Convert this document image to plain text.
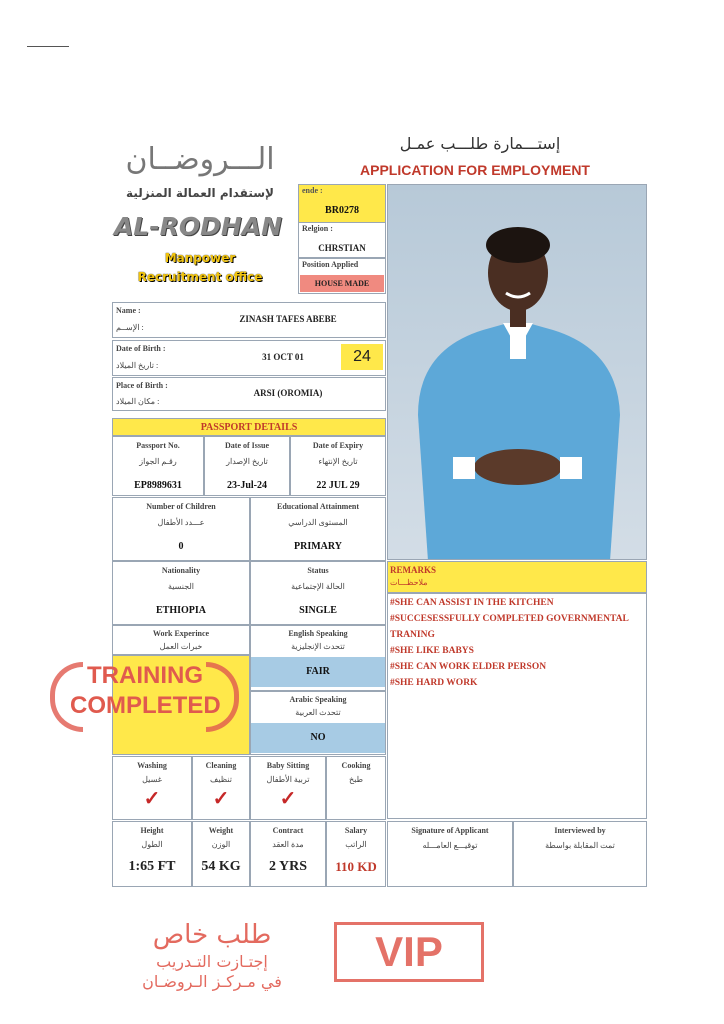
الـــروضــان
لإستقدام العمالة المنزلية
AL-RODHAN
Manpower
Recruitment office
إستـــمارة طلـــب عمـل
APPLICATION FOR EMPLOYMENT
ende :
BR0278
Relgion :
CHRSTIAN
Position Applied
HOUSE MADE
Name :
الإســم :
ZINASH TAFES ABEBE
Date of Birth :
تاريخ الميلاد :
31 OCT 01	24
Place of Birth :
مكان الميلاد :
ARSI (OROMIA)
PASSPORT DETAILS
Passport No.
رقـم الجواز
EP8989631
Date of Issue
تاريخ الإصدار
23-Jul-24
Date of Expiry
تاريخ الإنتهاء
22 JUL 29
Number of Children
عـــدد الأطفال
0
Educational Attainment
المستوى الدراسي
PRIMARY
Nationality
الجنسية
ETHIOPIA
Status
الحالة الإجتماعية
SINGLE
Work Experince
خبرات العمل
English Speaking
تتحدث الإنجليزية
FAIR
Arabic Speaking
تتحدث العربية
NO
TRAINING
COMPLETED
REMARKS
ملاحظـــات
#SHE CAN ASSIST IN THE KITCHEN
#SUCCESESSFULLY COMPLETED GOVERNMENTAL
TRANING
#SHE LIKE BABYS
#SHE CAN WORK ELDER PERSON
#SHE HARD WORK
Washing
غسيل
✓
Cleaning
تنظيف
✓
Baby Sitting
تربية الأطفال
✓
Cooking
طبخ
Height
الطول
1:65 FT
Weight
الوزن
54 KG
Contract
مدة العقد
2 YRS
Salary
الراتب
110 KD
Signature of Applicant
توقيـــع العامـــله
Interviewed by
تمت المقابلة بواسطة
طلب خاص
إجتـازت التـدريب
في مـركـز الـروضـان
VIP
